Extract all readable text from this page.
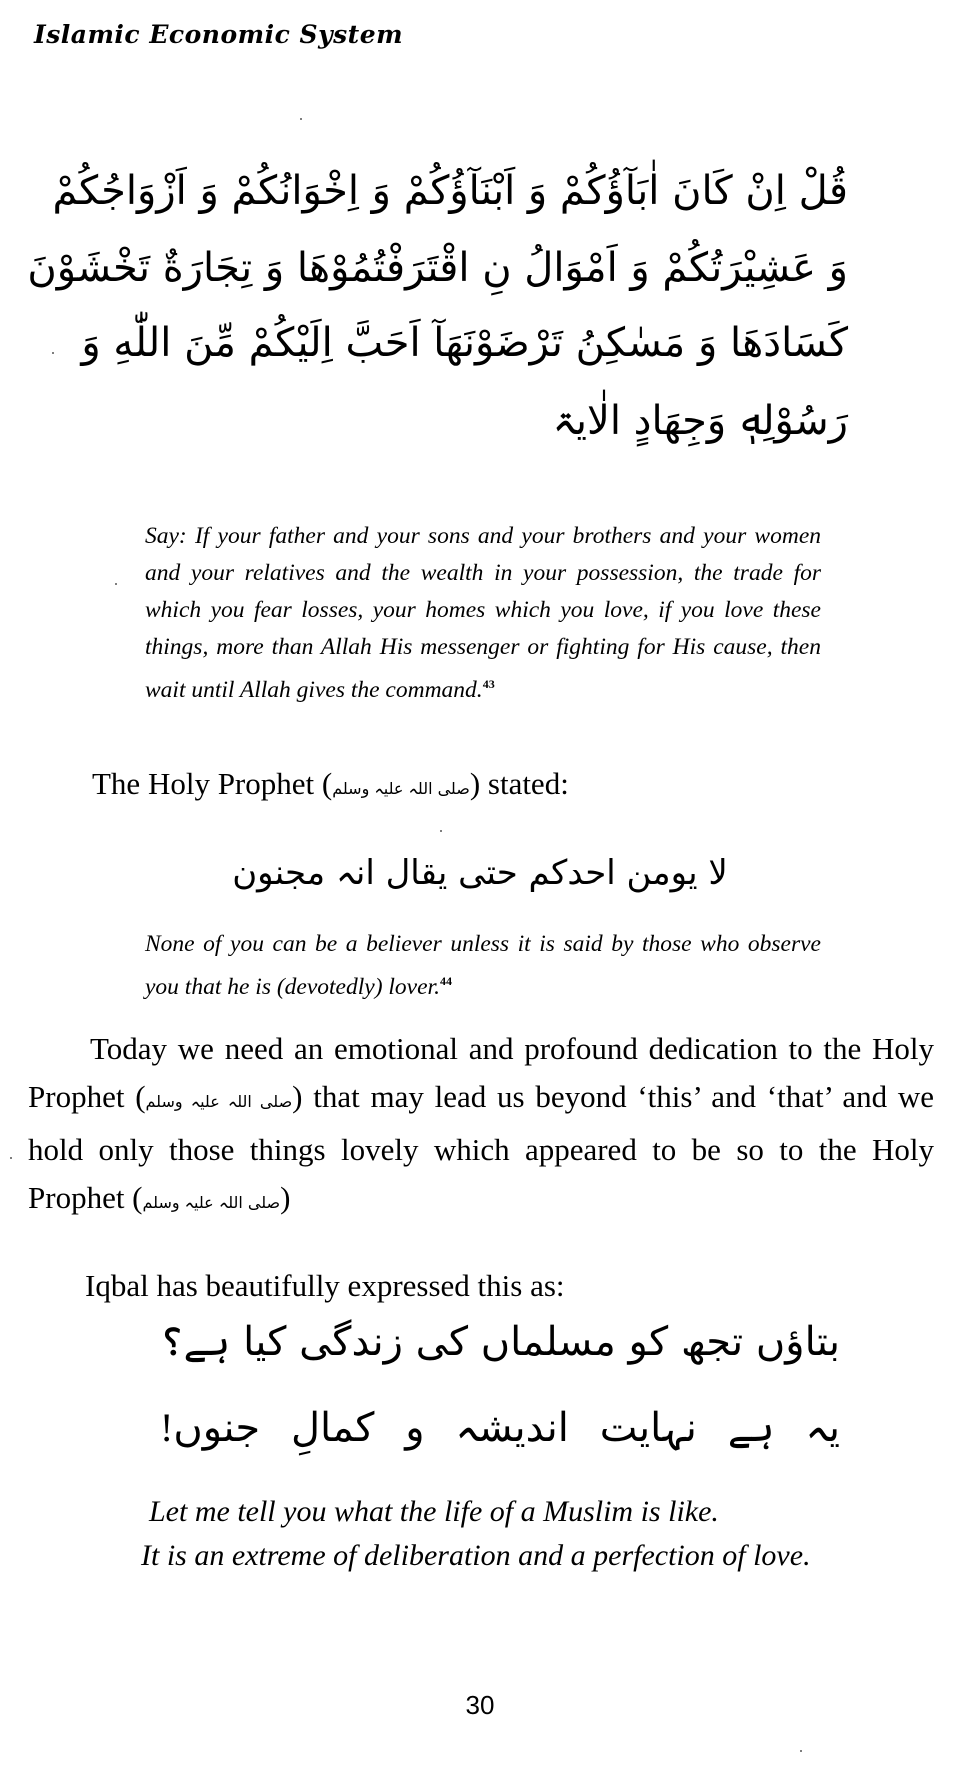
Islamic Economic System
قُلْ اِنْ كَانَ اٰبَآؤُكُمْ وَ اَبْنَآؤُكُمْ وَ اِخْوَانُكُمْ وَ اَزْوَاجُكُمْ
وَ عَشِيْرَتُكُمْ وَ اَمْوَالُ نِ اقْتَرَفْتُمُوْهَا وَ تِجَارَةٌ تَخْشَوْنَ
كَسَادَهَا وَ مَسٰكِنُ تَرْضَوْنَهَآ اَحَبَّ اِلَيْكُمْ مِّنَ اللّٰهِ وَ
رَسُوْلِهٖ وَجِهَادٍ الٰایۃ
Say: If your father and your sons and your brothers and your women and your relatives and the wealth in your possession, the trade for which you fear losses, your homes which you love, if you love these things, more than Allah His messenger or fighting for His cause, then wait until Allah gives the command.$^{43}$
The Holy Prophet (صلی اللہ علیہ وسلم) stated:
لا یومن احدکم حتی یقال انہ مجنون
None of you can be a believer unless it is said by those who observe you that he is (devotedly) lover.$^{44}$
Today we need an emotional and profound dedication to the Holy Prophet (صلی اللہ علیہ وسلم) that may lead us beyond ‘this’ and ‘that’ and we hold only those things lovely which appeared to be so to the Holy Prophet (صلی اللہ علیہ وسلم)
Iqbal has beautifully expressed this as:
بتاؤں
تجھ
کو
مسلماں
کی
زندگی
کیا
ہے؟
یہ
ہے
نہایت
اندیشہ
و
کمالِ
جنوں!
Let me tell you what the life of a Muslim is like.
It is an extreme of deliberation and a perfection of love.
30
